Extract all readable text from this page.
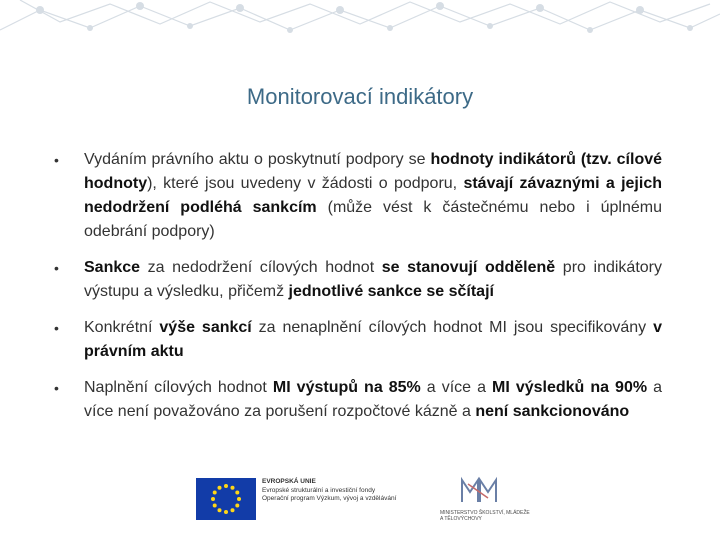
Monitorovací indikátory
• Vydáním právního aktu o poskytnutí podpory se hodnoty indikátorů (tzv. cílové hodnoty), které jsou uvedeny v žádosti o podporu, stávají závaznými a jejich nedodržení podléhá sankcím (může vést k částečnému nebo i úplnému odebrání podpory)
• Sankce za nedodržení cílových hodnot se stanovují odděleně pro indikátory výstupu a výsledku, přičemž jednotlivé sankce se sčítají
• Konkrétní výše sankcí za nenaplnění cílových hodnot MI jsou specifikovány v právním aktu
• Naplnění cílových hodnot MI výstupů na 85% a více a MI výsledků na 90% a více není považováno za porušení rozpočtové kázně a není sankcionováno
EVROPSKÁ UNIE
Evropské strukturální a investiční fondy
Operační program Výzkum, vývoj a vzdělávání
MINISTERSTVO ŠKOLSTVÍ, MLÁDEŽE A TĚLOVÝCHOVY
